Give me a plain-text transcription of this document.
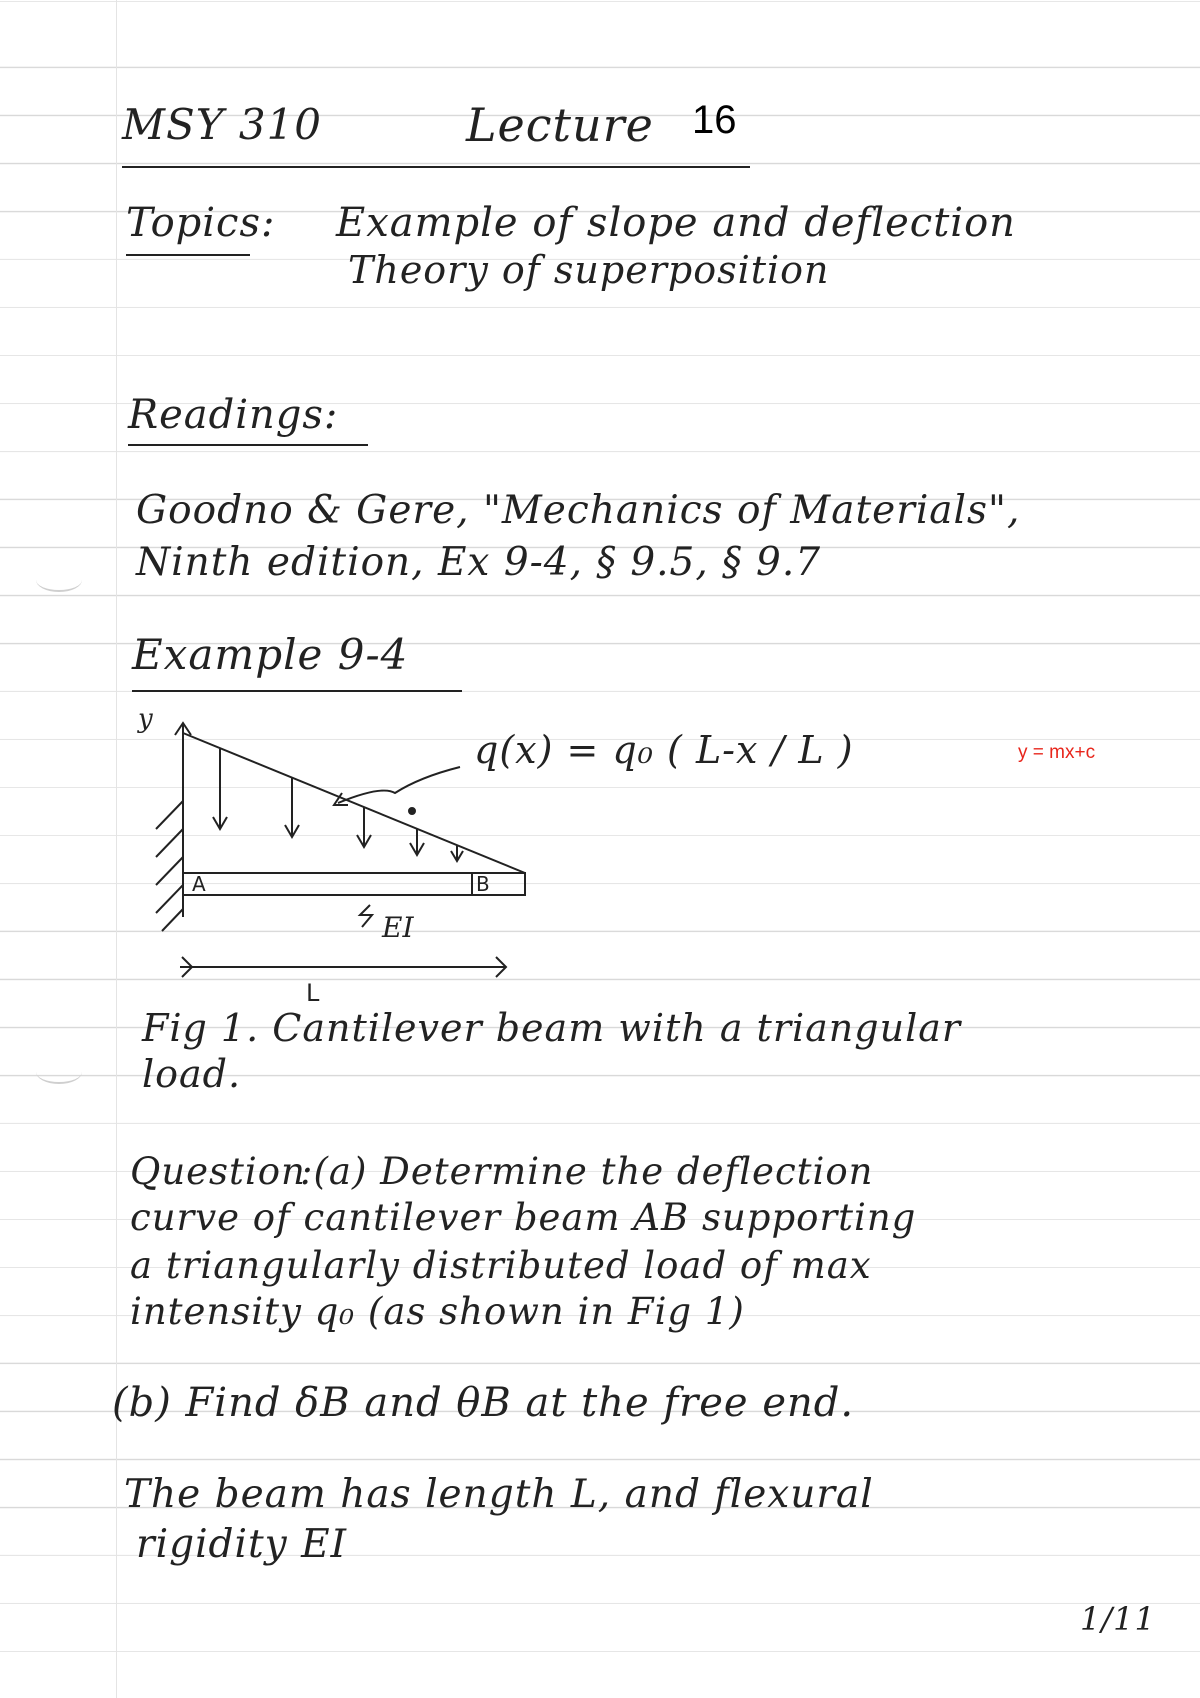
MSY 310	Lecture 16
Topics: Example of slope and deflection
Theory of superposition
Readings:
Goodno & Gere, "Mechanics of Materials",
Ninth edition, Ex 9-4, § 9.5, § 9.7
Example 9-4
q(x) = q₀ ( L-x / L )	y = mx+c
y
A	B
EI
L
Fig 1. Cantilever beam with a triangular
load.
Question
:(a) Determine the deflection
curve of cantilever beam AB supporting
a triangularly distributed load of max
intensity q₀ (as shown in Fig 1)
(b) Find δB and θB at the free end.
The beam has length L, and flexural
rigidity EI
1/11
